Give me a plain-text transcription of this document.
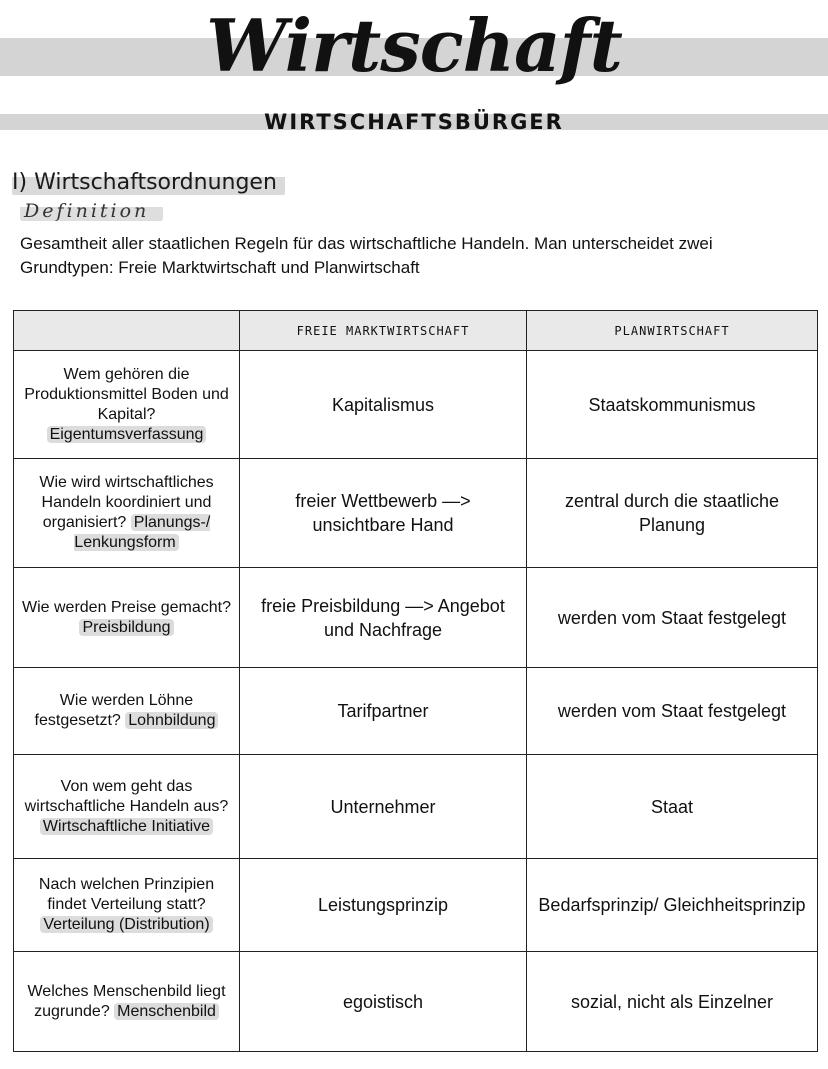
Wirtschaft
WIRTSCHAFTSBÜRGER
I) Wirtschaftsordnungen
Definition
Gesamtheit aller staatlichen Regeln für das wirtschaftliche Handeln. Man unterscheidet zwei Grundtypen: Freie Marktwirtschaft und Planwirtschaft
	FREIE MARKTWIRTSCHAFT	PLANWIRTSCHAFT
Wem gehören die Produktionsmittel Boden und Kapital? Eigentumsverfassung	Kapitalismus	Staatskommunismus
Wie wird wirtschaftliches Handeln koordiniert und organisiert? Planungs-/ Lenkungsform	freier Wettbewerb —> unsichtbare Hand	zentral durch die staatliche Planung
Wie werden Preise gemacht? Preisbildung	freie Preisbildung —> Angebot und Nachfrage	werden vom Staat festgelegt
Wie werden Löhne festgesetzt? Lohnbildung	Tarifpartner	werden vom Staat festgelegt
Von wem geht das wirtschaftliche Handeln aus? Wirtschaftliche Initiative	Unternehmer	Staat
Nach welchen Prinzipien findet Verteilung statt? Verteilung (Distribution)	Leistungsprinzip	Bedarfsprinzip/ Gleichheitsprinzip
Welches Menschenbild liegt zugrunde? Menschenbild	egoistisch	sozial, nicht als Einzelner
